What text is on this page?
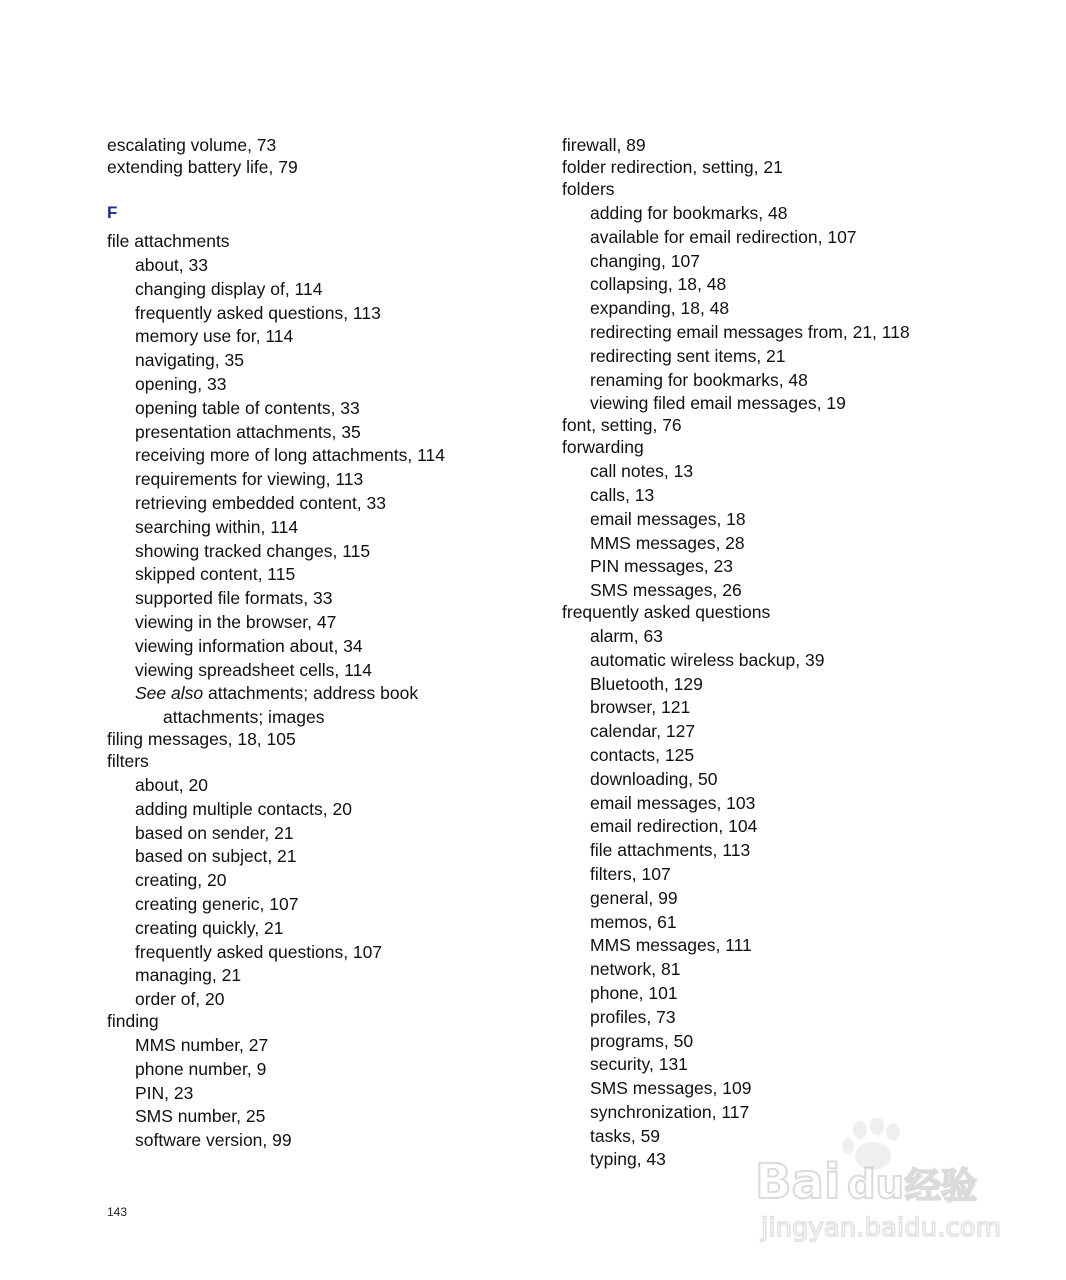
escalating volume, 73
extending battery life, 79
F
file attachments
about, 33
changing display of, 114
frequently asked questions, 113
memory use for, 114
navigating, 35
opening, 33
opening table of contents, 33
presentation attachments, 35
receiving more of long attachments, 114
requirements for viewing, 113
retrieving embedded content, 33
searching within, 114
showing tracked changes, 115
skipped content, 115
supported file formats, 33
viewing in the browser, 47
viewing information about, 34
viewing spreadsheet cells, 114
See also attachments; address book attachments; images
filing messages, 18, 105
filters
about, 20
adding multiple contacts, 20
based on sender, 21
based on subject, 21
creating, 20
creating generic, 107
creating quickly, 21
frequently asked questions, 107
managing, 21
order of, 20
finding
MMS number, 27
phone number, 9
PIN, 23
SMS number, 25
software version, 99
firewall, 89
folder redirection, setting, 21
folders
adding for bookmarks, 48
available for email redirection, 107
changing, 107
collapsing, 18, 48
expanding, 18, 48
redirecting email messages from, 21, 118
redirecting sent items, 21
renaming for bookmarks, 48
viewing filed email messages, 19
font, setting, 76
forwarding
call notes, 13
calls, 13
email messages, 18
MMS messages, 28
PIN messages, 23
SMS messages, 26
frequently asked questions
alarm, 63
automatic wireless backup, 39
Bluetooth, 129
browser, 121
calendar, 127
contacts, 125
downloading, 50
email messages, 103
email redirection, 104
file attachments, 113
filters, 107
general, 99
memos, 61
MMS messages, 111
network, 81
phone, 101
profiles, 73
programs, 50
security, 131
SMS messages, 109
synchronization, 117
tasks, 59
typing, 43
143
Bai du 经验
jingyan.baidu.com
